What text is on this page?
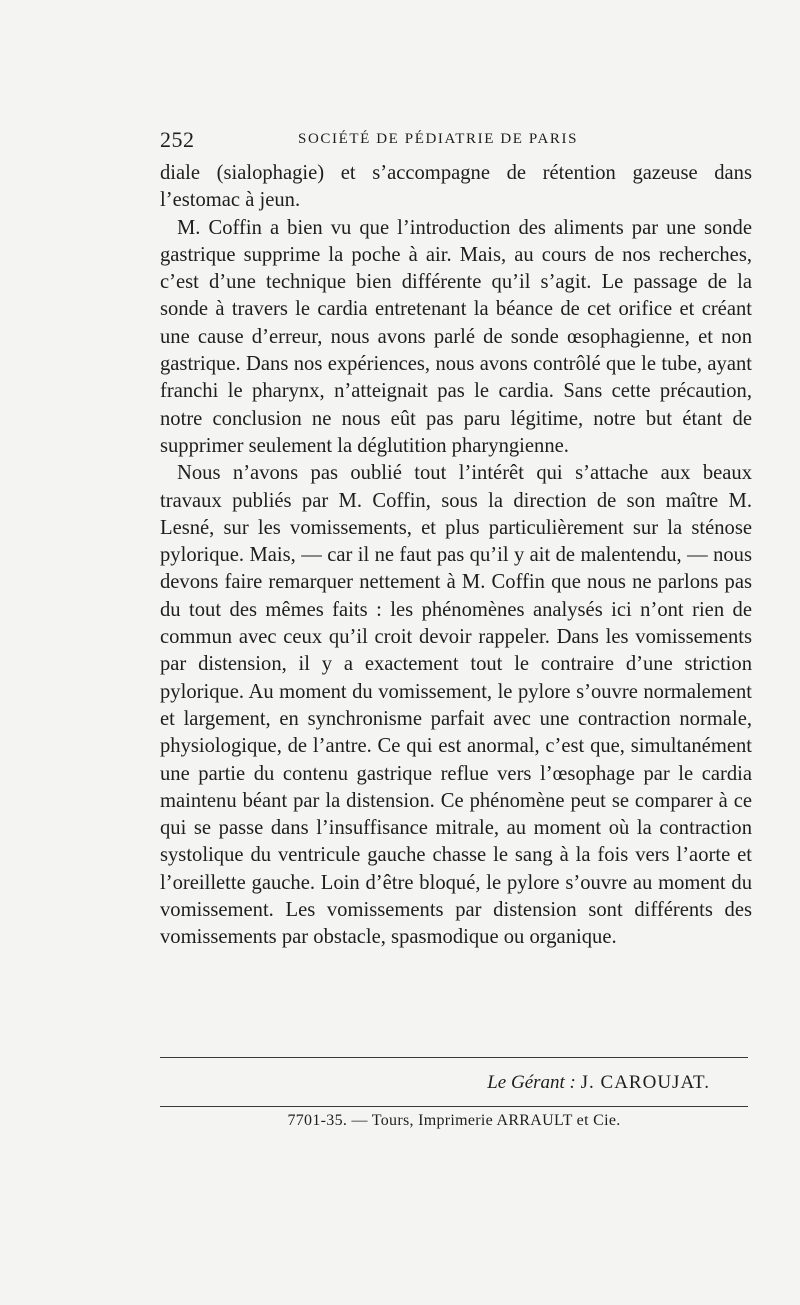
252	SOCIÉTÉ DE PÉDIATRIE DE PARIS

diale (sialophagie) et s’accompagne de rétention gazeuse dans l’estomac à jeun.

M. Coffin a bien vu que l’introduction des aliments par une sonde gastrique supprime la poche à air. Mais, au cours de nos recherches, c’est d’une technique bien différente qu’il s’agit. Le passage de la sonde à travers le cardia entretenant la béance de cet orifice et créant une cause d’erreur, nous avons parlé de sonde œsophagienne, et non gastrique. Dans nos expériences, nous avons contrôlé que le tube, ayant franchi le pharynx, n’atteignait pas le cardia. Sans cette précaution, notre conclusion ne nous eût pas paru légitime, notre but étant de supprimer seulement la déglutition pharyngienne.

Nous n’avons pas oublié tout l’intérêt qui s’attache aux beaux travaux publiés par M. Coffin, sous la direction de son maître M. Lesné, sur les vomissements, et plus particulièrement sur la sténose pylorique. Mais, — car il ne faut pas qu’il y ait de malentendu, — nous devons faire remarquer nettement à M. Coffin que nous ne parlons pas du tout des mêmes faits : les phénomènes analysés ici n’ont rien de commun avec ceux qu’il croit devoir rappeler. Dans les vomissements par distension, il y a exactement tout le contraire d’une striction pylorique. Au moment du vomissement, le pylore s’ouvre normalement et largement, en synchronisme parfait avec une contraction normale, physiologique, de l’antre. Ce qui est anormal, c’est que, simultanément une partie du contenu gastrique reflue vers l’œsophage par le cardia maintenu béant par la distension. Ce phénomène peut se comparer à ce qui se passe dans l’insuffisance mitrale, au moment où la contraction systolique du ventricule gauche chasse le sang à la fois vers l’aorte et l’oreillette gauche. Loin d’être bloqué, le pylore s’ouvre au moment du vomissement. Les vomissements par distension sont différents des vomissements par obstacle, spasmodique ou organique.

Le Gérant : J. CAROUJAT.
7701-35. — Tours, Imprimerie ARRAULT et Cie.
